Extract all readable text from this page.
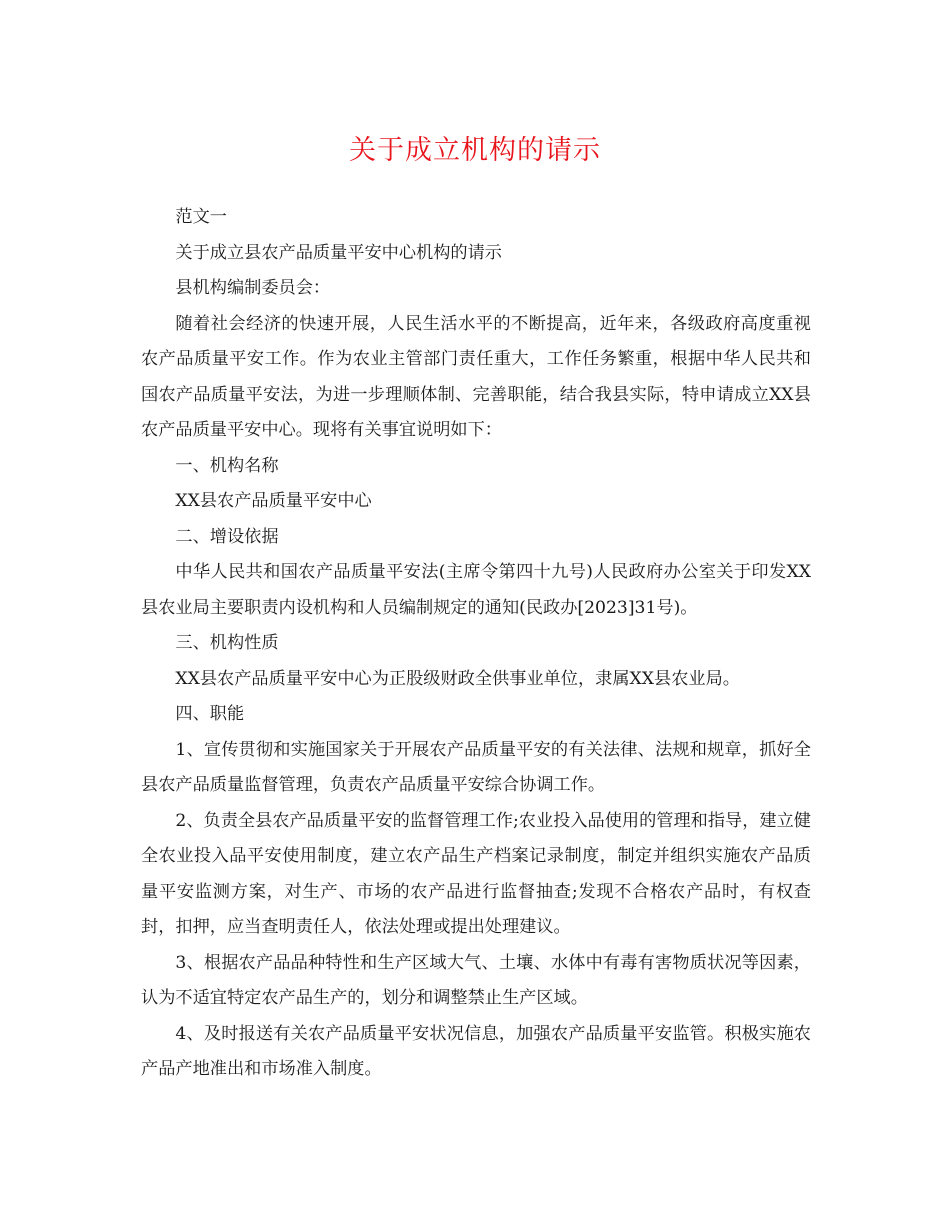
关于成立机构的请示

范文一

关于成立县农产品质量平安中心机构的请示

县机构编制委员会：

随着社会经济的快速开展，人民生活水平的不断提高，近年来，各级政府高度重视农产品质量平安工作。作为农业主管部门责任重大，工作任务繁重，根据中华人民共和国农产品质量平安法，为进一步理顺体制、完善职能，结合我县实际，特申请成立XX县农产品质量平安中心。现将有关事宜说明如下：

一、机构名称

XX县农产品质量平安中心

二、增设依据

中华人民共和国农产品质量平安法(主席令第四十九号)人民政府办公室关于印发XX县农业局主要职责内设机构和人员编制规定的通知(民政办[2023]31号)。

三、机构性质

XX县农产品质量平安中心为正股级财政全供事业单位，隶属XX县农业局。

四、职能

1、宣传贯彻和实施国家关于开展农产品质量平安的有关法律、法规和规章，抓好全县农产品质量监督管理，负责农产品质量平安综合协调工作。

2、负责全县农产品质量平安的监督管理工作;农业投入品使用的管理和指导，建立健全农业投入品平安使用制度，建立农产品生产档案记录制度，制定并组织实施农产品质量平安监测方案，对生产、市场的农产品进行监督抽查;发现不合格农产品时，有权查封，扣押，应当查明责任人，依法处理或提出处理建议。

3、根据农产品品种特性和生产区域大气、土壤、水体中有毒有害物质状况等因素，认为不适宜特定农产品生产的，划分和调整禁止生产区域。

4、及时报送有关农产品质量平安状况信息，加强农产品质量平安监管。积极实施农产品产地准出和市场准入制度。
